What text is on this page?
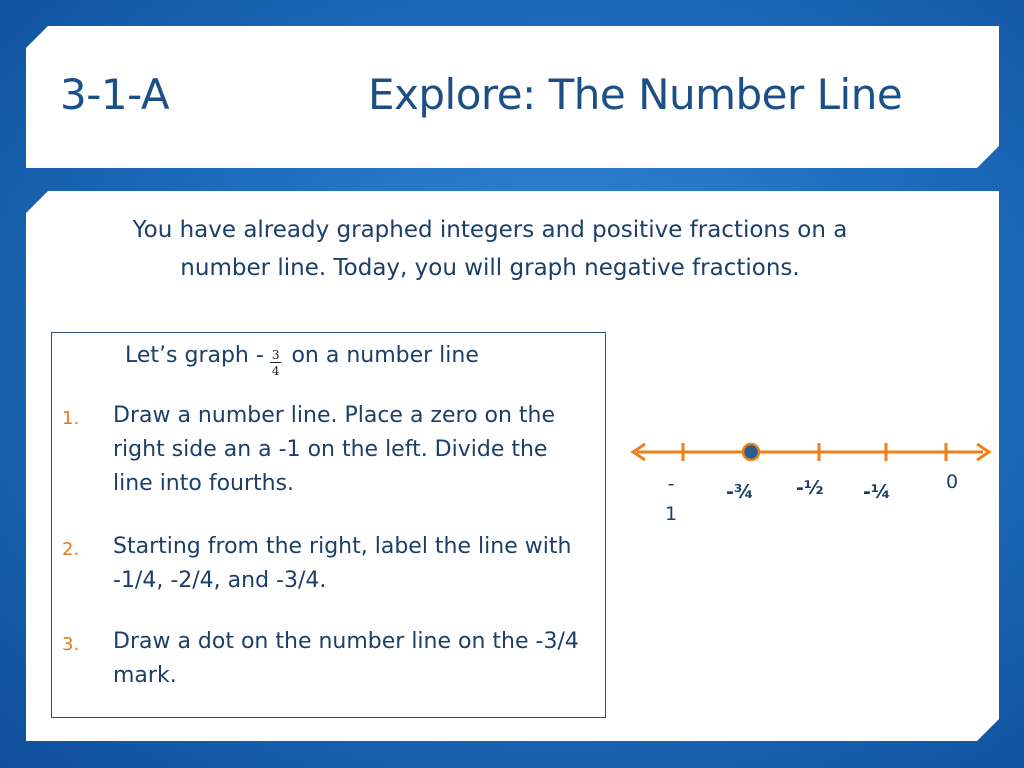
3-1-A	Explore: The Number Line
You have already graphed integers and positive fractions on a
number line. Today, you will graph negative fractions.
Let’s graph - $\frac{3}{4}$ on a number line
1.	Draw a number line. Place a zero on the right side an a -1 on the left. Divide the line into fourths.
2.	Starting from the right, label the line with -1/4, -2/4, and -3/4.
3.	Draw a dot on the number line on the -3/4 mark.
-
1
-¾ -½ -¼	0
